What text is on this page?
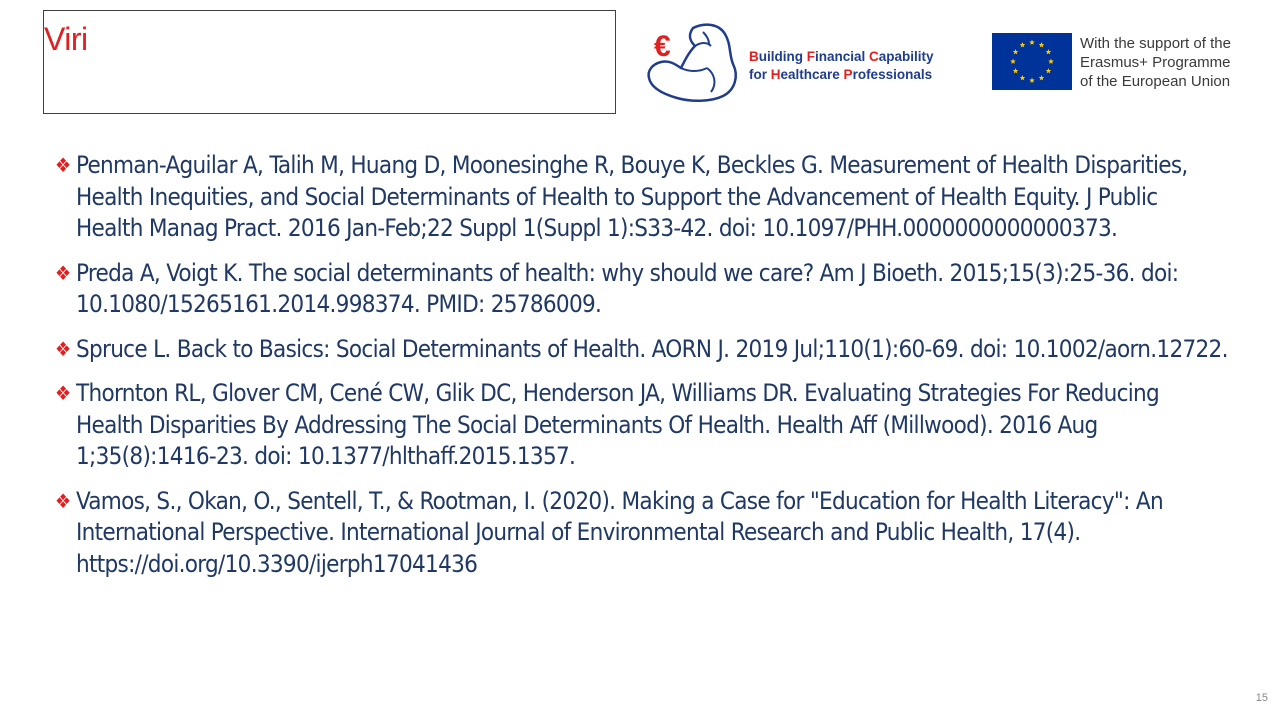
Viri	€	Building Financial Capability
for Healthcare Professionals
With the support of the
Erasmus+ Programme
of the European Union
❖ Penman-Aguilar A, Talih M, Huang D, Moonesinghe R, Bouye K, Beckles G. Measurement of Health Disparities, Health Inequities, and Social Determinants of Health to Support the Advancement of Health Equity. J Public Health Manag Pract. 2016 Jan-Feb;22 Suppl 1(Suppl 1):S33-42. doi: 10.1097/PHH.0000000000000373.
❖ Preda A, Voigt K. The social determinants of health: why should we care? Am J Bioeth. 2015;15(3):25-36. doi: 10.1080/15265161.2014.998374. PMID: 25786009.
❖ Spruce L. Back to Basics: Social Determinants of Health. AORN J. 2019 Jul;110(1):60-69. doi: 10.1002/aorn.12722.
❖ Thornton RL, Glover CM, Cené CW, Glik DC, Henderson JA, Williams DR. Evaluating Strategies For Reducing Health Disparities By Addressing The Social Determinants Of Health. Health Aff (Millwood). 2016 Aug 1;35(8):1416-23. doi: 10.1377/hlthaff.2015.1357.
❖ Vamos, S., Okan, O., Sentell, T., & Rootman, I. (2020). Making a Case for "Education for Health Literacy": An International Perspective. International Journal of Environmental Research and Public Health, 17(4). https://doi.org/10.3390/ijerph17041436
15
